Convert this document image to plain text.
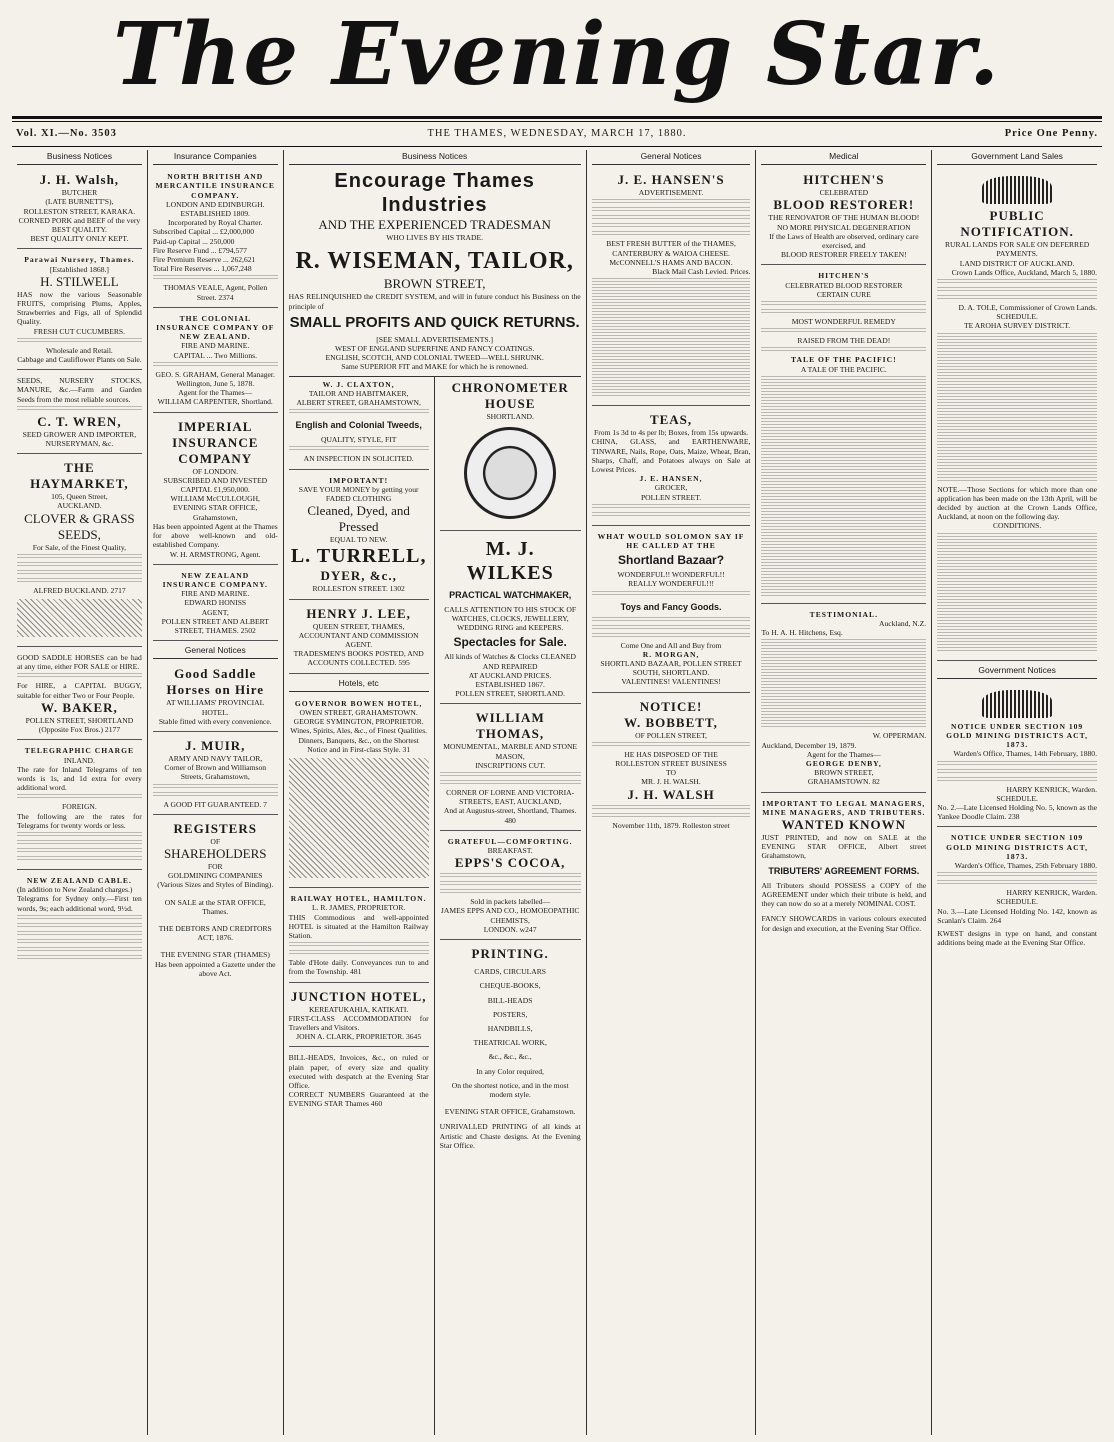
The Evening Star.
Vol. XI.—No. 3503	THE THAMES, WEDNESDAY, MARCH 17, 1880.	Price One Penny.
Business Notices
J. H. Walsh,
BUTCHER
(LATE BURNETT'S),
ROLLESTON STREET, KARAKA.
CORNED PORK and BEEF of the very BEST QUALITY.
BEST QUALITY ONLY KEPT.
Parawai Nursery, Thames.
[Established 1868.]
H. STILWELL
HAS now the various Seasonable FRUITS, comprising Plums, Apples, Strawberries and Figs, all of Splendid Quality.
FRESH CUT CUCUMBERS.
Wholesale and Retail.
Cabbage and Cauliflower Plants on Sale.
SEEDS, NURSERY STOCKS, MANURE, &c.—Farm and Garden Seeds from the most reliable sources.
C. T. WREN,
SEED GROWER AND IMPORTER, NURSERYMAN, &c.
THE HAYMARKET,
105, Queen Street,
AUCKLAND.
CLOVER & GRASS SEEDS,
For Sale, of the Finest Quality,
ALFRED BUCKLAND. 2717
GOOD SADDLE HORSES can be had at any time, either FOR SALE or HIRE.
For HIRE, a CAPITAL BUGGY, suitable for either Two or Four People.
W. BAKER,
POLLEN STREET, SHORTLAND (Opposite Fox Bros.) 2177
TELEGRAPHIC CHARGE
INLAND.
The rate for Inland Telegrams of ten words is 1s, and 1d extra for every additional word.
FOREIGN.
The following are the rates for Telegrams for twenty words or less.
NEW ZEALAND CABLE.
(In addition to New Zealand charges.)
Telegrams for Sydney only.—First ten words, 9s; each additional word, 9½d.
Insurance Companies
NORTH BRITISH AND MERCANTILE INSURANCE COMPANY.
LONDON AND EDINBURGH.
ESTABLISHED 1809.
Incorporated by Royal Charter.
Subscribed Capital ... £2,000,000
Paid-up Capital ... 250,000
Fire Reserve Fund ... £794,577
Fire Premium Reserve ... 262,621
Total Fire Reserves ... 1,067,248
THOMAS VEALE, Agent, Pollen Street. 2374
THE COLONIAL INSURANCE COMPANY OF NEW ZEALAND.
FIRE AND MARINE.
CAPITAL ... Two Millions.
GEO. S. GRAHAM, General Manager.
Wellington, June 5, 1878.
Agent for the Thames—
WILLIAM CARPENTER, Shortland.
IMPERIAL INSURANCE COMPANY
OF LONDON.
SUBSCRIBED AND INVESTED CAPITAL £1,950,000.
WILLIAM McCULLOUGH,
EVENING STAR OFFICE, Grahamstown,
Has been appointed Agent at the Thames for above well-known and old-established Company.
W. H. ARMSTRONG, Agent.
NEW ZEALAND INSURANCE COMPANY.
FIRE AND MARINE.
EDWARD HONISS
AGENT,
POLLEN STREET AND ALBERT STREET, THAMES. 2502
General Notices
Good Saddle Horses on Hire
AT WILLIAMS' PROVINCIAL HOTEL.
Stable fitted with every convenience.
J. MUIR,
ARMY AND NAVY TAILOR,
Corner of Brown and Williamson Streets, Grahamstown,
A GOOD FIT GUARANTEED. 7
REGISTERS
OF
SHAREHOLDERS
FOR
GOLDMINING COMPANIES
(Various Sizes and Styles of Binding).
ON SALE at the STAR OFFICE, Thames.
THE DEBTORS AND CREDITORS ACT, 1876.
THE EVENING STAR (THAMES)
Has been appointed a Gazette under the above Act.
Business Notices
Encourage Thames Industries
AND THE EXPERIENCED TRADESMAN
WHO LIVES BY HIS TRADE.
R. WISEMAN, TAILOR,
BROWN STREET,
HAS RELINQUISHED the CREDIT SYSTEM, and will in future conduct his Business on the principle of
SMALL PROFITS AND QUICK RETURNS.
[SEE SMALL ADVERTISEMENTS.]
WEST OF ENGLAND SUPERFINE AND FANCY COATINGS.
ENGLISH, SCOTCH, AND COLONIAL TWEED—WELL SHRUNK.
Same SUPERIOR FIT and MAKE for which he is renowned.
W. J. CLAXTON,
TAILOR AND HABITMAKER,
ALBERT STREET, GRAHAMSTOWN,
English and Colonial Tweeds,
QUALITY, STYLE, FIT
AN INSPECTION IN SOLICITED.
IMPORTANT!
SAVE YOUR MONEY by getting your FADED CLOTHING
Cleaned, Dyed, and Pressed
EQUAL TO NEW.
L. TURRELL,
DYER, &c.,
ROLLESTON STREET. 1302
HENRY J. LEE,
QUEEN STREET, THAMES,
ACCOUNTANT AND COMMISSION AGENT.
TRADESMEN'S BOOKS POSTED, AND ACCOUNTS COLLECTED. 595
Hotels, etc
GOVERNOR BOWEN HOTEL,
OWEN STREET, GRAHAMSTOWN.
GEORGE SYMINGTON, PROPRIETOR.
Wines, Spirits, Ales, &c., of Finest Qualities.
Dinners, Banquets, &c., on the Shortest Notice and in First-class Style. 31
RAILWAY HOTEL, HAMILTON.
L. R. JAMES, PROPRIETOR.
THIS Commodious and well-appointed HOTEL is situated at the Hamilton Railway Station.
Table d'Hote daily. Conveyances run to and from the Township. 481
JUNCTION HOTEL,
KEREATUKAHIA, KATIKATI.
FIRST-CLASS ACCOMMODATION for Travellers and Visitors.
JOHN A. CLARK, PROPRIETOR. 3645
BILL-HEADS, Invoices, &c., on ruled or plain paper, of every size and quality executed with despatch at the Evening Star Office.
CORRECT NUMBERS Guaranteed at the EVENING STAR Thames 460
CHRONOMETER HOUSE
SHORTLAND.
M. J. WILKES
PRACTICAL WATCHMAKER,
CALLS ATTENTION TO HIS STOCK OF
WATCHES, CLOCKS, JEWELLERY, WEDDING RING and KEEPERS.
Spectacles for Sale.
All kinds of Watches & Clocks CLEANED AND REPAIRED
AT AUCKLAND PRICES.
ESTABLISHED 1867.
POLLEN STREET, SHORTLAND.
WILLIAM THOMAS,
MONUMENTAL, MARBLE AND STONE MASON,
INSCRIPTIONS CUT.
CORNER OF LORNE AND VICTORIA-STREETS, EAST, AUCKLAND,
And at Augustus-street, Shortland, Thames. 480
GRATEFUL—COMFORTING.
BREAKFAST.
EPPS'S COCOA,
Sold in packets labelled—
JAMES EPPS AND CO., HOMOEOPATHIC CHEMISTS,
LONDON. w247
PRINTING.
CARDS, CIRCULARS
CHEQUE-BOOKS,
BILL-HEADS
POSTERS,
HANDBILLS,
THEATRICAL WORK,
&c., &c., &c.,
In any Color required,
On the shortest notice, and in the most modern style.
EVENING STAR OFFICE, Grahamstown.
UNRIVALLED PRINTING of all kinds at Artistic and Chaste designs. At the Evening Star Office.
General Notices
J. E. HANSEN'S
ADVERTISEMENT.
BEST FRESH BUTTER of the THAMES, CANTERBURY & WAIOA CHEESE.
McCONNELL'S HAMS AND BACON.
Black Mail Cash Levied. Prices.
TEAS,
From 1s 3d to 4s per lb; Boxes, from 15s upwards.
CHINA, GLASS, and EARTHENWARE, TINWARE, Nails, Rope, Oats, Maize, Wheat, Bran, Sharps, Chaff, and Potatoes always on Sale at Lowest Prices.
J. E. HANSEN,
GROCER,
POLLEN STREET.
WHAT WOULD SOLOMON SAY IF HE CALLED AT THE
Shortland Bazaar?
WONDERFUL!! WONDERFUL!!
REALLY WONDERFUL!!!
Toys and Fancy Goods.
Come One and All and Buy from
R. MORGAN,
SHORTLAND BAZAAR, POLLEN STREET SOUTH, SHORTLAND.
VALENTINES! VALENTINES!
NOTICE!
W. BOBBETT,
OF POLLEN STREET,
HE HAS DISPOSED OF THE
ROLLESTON STREET BUSINESS
TO
MR. J. H. WALSH.
J. H. WALSH
November 11th, 1879. Rolleston street
Medical
HITCHEN'S
CELEBRATED
BLOOD RESTORER!
THE RENOVATOR OF THE HUMAN BLOOD!
NO MORE PHYSICAL DEGENERATION
If the Laws of Health are observed, ordinary care exercised, and
BLOOD RESTORER FREELY TAKEN!
HITCHEN'S
CELEBRATED BLOOD RESTORER
CERTAIN CURE
MOST WONDERFUL REMEDY
RAISED FROM THE DEAD!
TALE OF THE PACIFIC!
A TALE OF THE PACIFIC.
TESTIMONIAL.
Auckland, N.Z.
To H. A. H. Hitchens, Esq.
W. OPPERMAN.
Auckland, December 19, 1879.
Agent for the Thames—
GEORGE DENBY,
BROWN STREET,
GRAHAMSTOWN. 82
IMPORTANT TO LEGAL MANAGERS, MINE MANAGERS, AND TRIBUTERS.
WANTED KNOWN
JUST PRINTED, and now on SALE at the EVENING STAR OFFICE, Albert street Grahamstown,
TRIBUTERS' AGREEMENT FORMS.
All Tributers should POSSESS a COPY of the AGREEMENT under which their tribute is held, and they can now do so at a merely NOMINAL COST.
FANCY SHOWCARDS in various colours executed for design and execution, at the Evening Star Office.
Government Land Sales
PUBLIC NOTIFICATION.
RURAL LANDS FOR SALE ON DEFERRED PAYMENTS.
LAND DISTRICT OF AUCKLAND.
Crown Lands Office, Auckland, March 5, 1880.
D. A. TOLE, Commissioner of Crown Lands.
SCHEDULE.
TE AROHA SURVEY DISTRICT.
NOTE.—Those Sections for which more than one application has been made on the 13th April, will be decided by auction at the Crown Lands Office, Auckland, at noon on the following day.
CONDITIONS.
Government Notices
NOTICE UNDER SECTION 109 GOLD MINING DISTRICTS ACT, 1873.
Warden's Office, Thames, 14th February, 1880.
HARRY KENRICK, Warden.
SCHEDULE.
No. 2.—Late Licensed Holding No. 5, known as the Yankee Doodle Claim. 238
NOTICE UNDER SECTION 109 GOLD MINING DISTRICTS ACT, 1873.
Warden's Office, Thames, 25th February 1880.
HARRY KENRICK, Warden.
SCHEDULE.
No. 3.—Late Licensed Holding No. 142, known as Scanlan's Claim. 264
KWEST designs in type on hand, and constant additions being made at the Evening Star Office.
